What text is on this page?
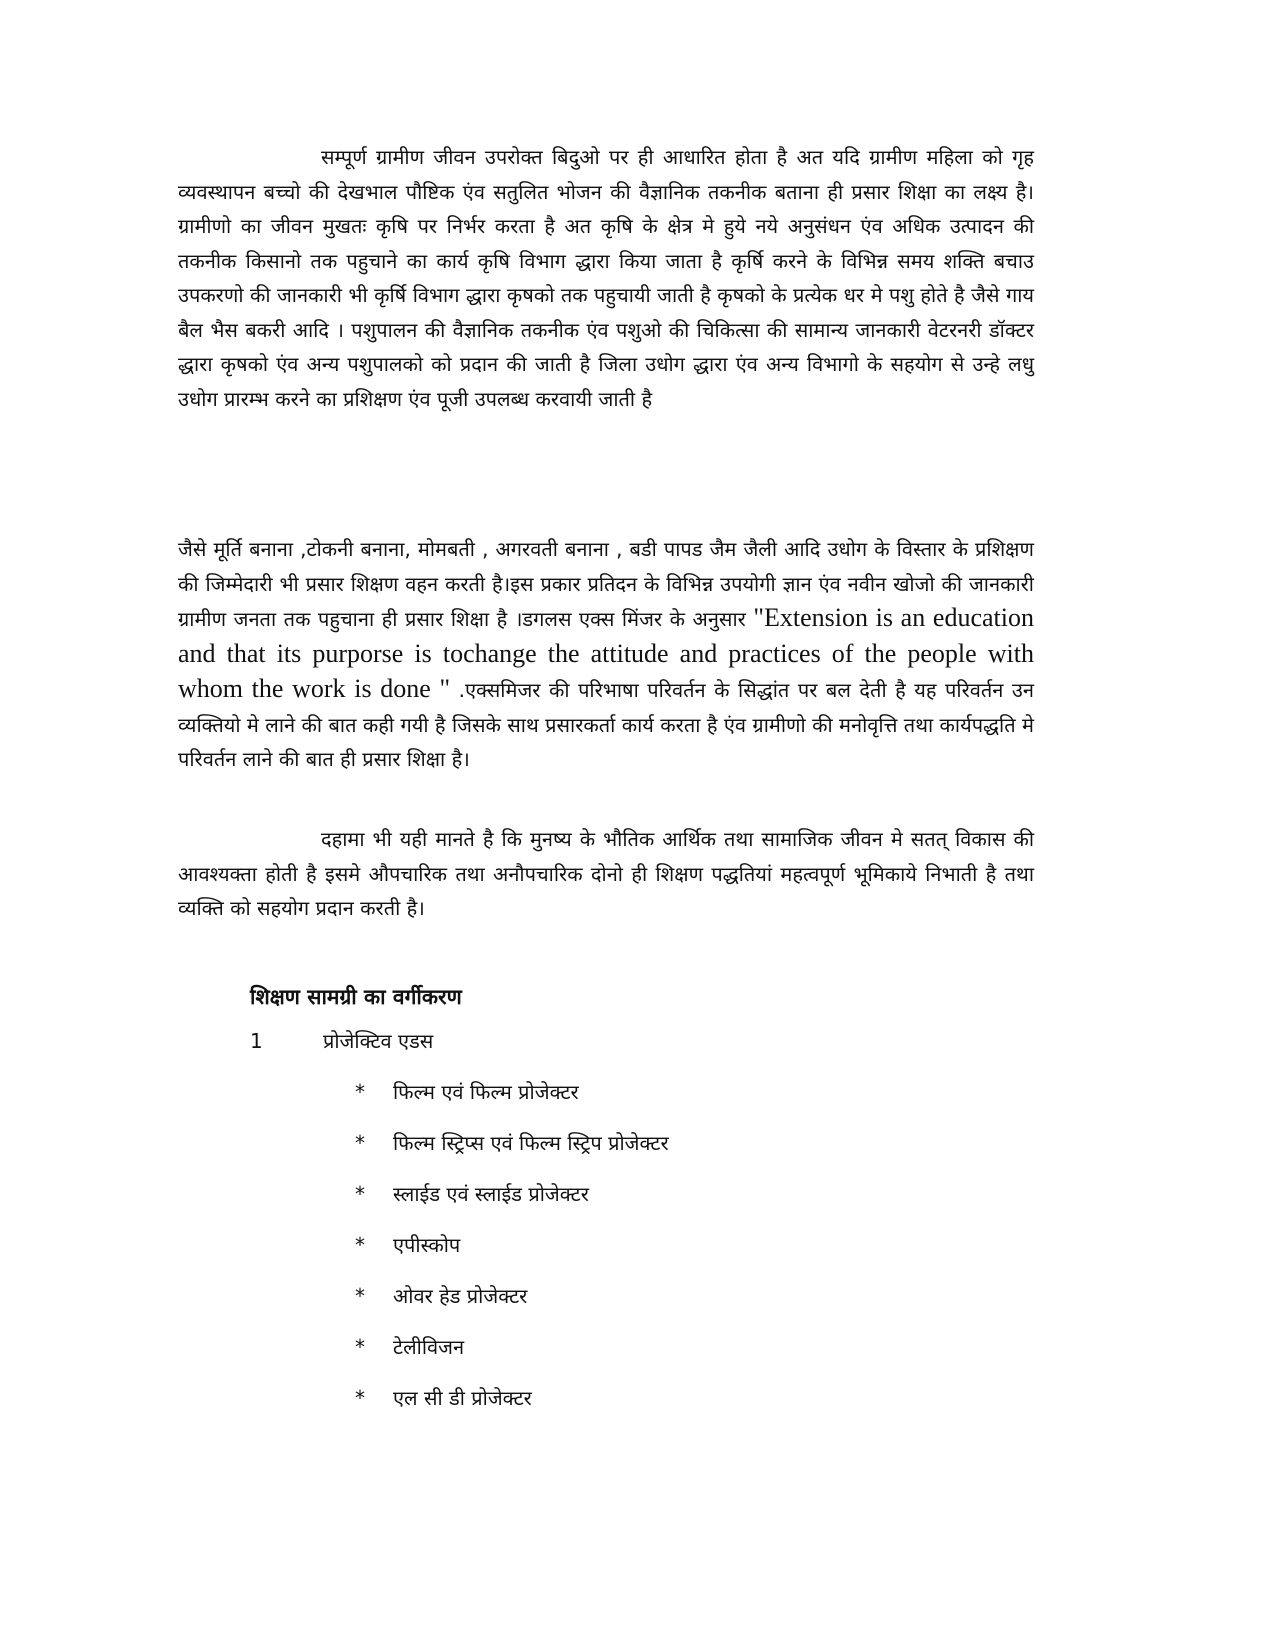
सम्पूर्ण ग्रामीण जीवन उपरोक्त बिदुओ पर ही आधारित होता है अत यदि ग्रामीण महिला को गृह व्यवस्थापन बच्चो की देखभाल पौष्टिक एंव सतुलित भोजन की वैज्ञानिक तकनीक बताना ही प्रसार शिक्षा का लक्ष्य है।ग्रामीणो का जीवन मुखतः कृषि पर निर्भर करता है अत कृषि के क्षेत्र मे हुये नये अनुसंधन एंव अधिक उत्पादन की तकनीक किसानो तक पहुचाने का कार्य कृषि विभाग द्धारा किया जाता है कृर्षि करने के विभिन्न समय शक्ति बचाउ उपकरणो की जानकारी भी कृर्षि विभाग द्धारा कृषको तक पहुचायी जाती है कृषको के प्रत्येक धर मे पशु होते है जैसे गाय बैल भैस बकरी आदि । पशुपालन की वैज्ञानिक तकनीक एंव पशुओ की चिकित्सा की सामान्य जानकारी वेटरनरी डॉक्टर द्धारा कृषको एंव अन्य पशुपालको को प्रदान की जाती है जिला उधोग द्धारा एंव अन्य विभागो के सहयोग से उन्हे लधु उधोग प्रारम्भ करने का प्रशिक्षण एंव पूजी उपलब्ध करवायी जाती है

जैसे मूर्ति बनाना ,टोकनी बनाना, मोमबती , अगरवती बनाना , बडी पापड जैम जैली आदि उधोग के विस्तार के प्रशिक्षण की जिम्मेदारी भी प्रसार शिक्षण वहन करती है।इस प्रकार प्रतिदन के विभिन्न उपयोगी ज्ञान एंव नवीन खोजो की जानकारी ग्रामीण जनता तक पहुचाना ही प्रसार शिक्षा है ।डगलस एक्स मिंजर के अनुसार "Extension is an education and that its purporse is tochange the attitude and practices of the people with whom the work is done " .एक्समिजर की परिभाषा परिवर्तन के सिद्धांत पर बल देती है यह परिवर्तन उन व्यक्तियो मे लाने की बात कही गयी है जिसके साथ प्रसारकर्ता कार्य करता है एंव ग्रामीणो की मनोवृत्ति तथा कार्यपद्धति मे परिवर्तन लाने की बात ही प्रसार शिक्षा है।

दहामा भी यही मानते है कि मुनष्य के भौतिक आर्थिक तथा सामाजिक जीवन मे सतत् विकास की आवश्यक्ता होती है इसमे औपचारिक तथा अनौपचारिक दोनो ही शिक्षण पद्धतियां महत्वपूर्ण भूमिकाये निभाती है तथा व्यक्ति को सहयोग प्रदान करती है।

शिक्षण सामग्री का वर्गीकरण
1	प्रोजेक्टिव एडस
* फिल्म एवं फिल्म प्रोजेक्टर
* फिल्म स्ट्रिप्स एवं फिल्म स्ट्रिप प्रोजेक्टर
* स्लाईड एवं स्लाईड प्रोजेक्टर
* एपीस्कोप
* ओवर हेड प्रोजेक्टर
* टेलीविजन
* एल सी डी प्रोजेक्टर
